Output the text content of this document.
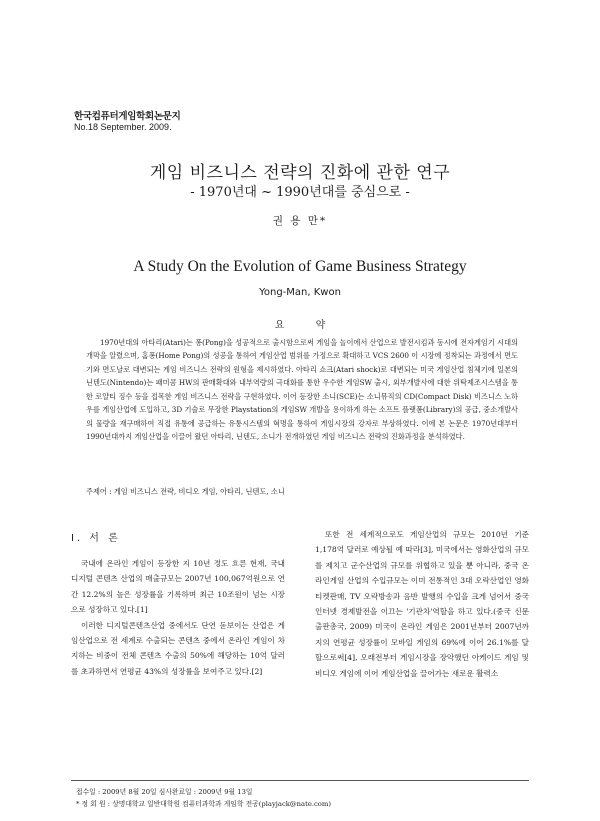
한국컴퓨터게임학회논문지
No.18 September. 2009.
게임 비즈니스 전략의 진화에 관한 연구
- 1970년대 ~ 1990년대를 중심으로 -
권 용 만*
A Study On the Evolution of Game Business Strategy
Yong-Man, Kwon
요 약

1970년대의 아타리(Atari)는 퐁(Pong)을 성공적으로 출시함으로써 게임을 놀이에서 산업으로 발전시킴과 동시에 전자게임기 시대의 개막을 알렸으며, 홈퐁(Home Pong)의 성공을 통하여 게임산업 범위를 가정으로 확대하고 VCS 2600 이 시장에 정착되는 과정에서 면도기와 면도날로 대변되는 게임 비즈니스 전략의 원형을 제시하였다. 아타리 쇼크(Atari shock)로 대변되는 미국 게임산업 침체기에 일본의 닌텐도(Nintendo)는 패미콤 HW의 판매확대와 내부역량의 극대화를 통한 우수한 게임SW 출시, 외부개발사에 대한 위탁제조시스템을 통한 로얄티 징수 등을 접목한 게임 비즈니스 전략을 구현하였다. 이어 등장한 소니(SCE)는 소니뮤직의 CD(Compact Disk) 비즈니스 노하우를 게임산업에 도입하고, 3D 기술로 무장한 Playstation의 게임SW 개발을 용이하게 하는 소프트 플랫폼(Library)의 공급, 중소개발사의 물량을 재구매하여 직접 유통에 공급하는 유통시스템의 혁명을 통하여 게임시장의 강자로 부상하였다. 이에 본 논문은 1970년대부터 1990년대까지 게임산업을 이끌어 왔던 아타리, 닌텐도, 소니가 전개하였던 게임 비즈니스 전략의 진화과정을 분석하였다.

주제어 : 게임 비즈니스 전략, 비디오 게임, 아타리, 닌텐도, 소니
Ⅰ. 서 론

국내에 온라인 게임이 등장한 지 10년 정도 흐른 현재, 국내 디지털 콘텐츠 산업의 매출규모는 2007년 100,067억원으로 연간 12.2%의 높은 성장률을 기록하며 최근 10조원이 넘는 시장으로 성장하고 있다.[1]

이러한 디지털콘텐츠산업 중에서도 단연 돋보이는 산업은 게임산업으로 전 세계로 수출되는 콘텐츠 중에서 온라인 게임이 차지하는 비중이 전체 콘텐츠 수출의 50%에 해당하는 10억 달러를 초과하면서 연평균 43%의 성장률을 보여주고 있다.[2]

또한 전 세계적으로도 게임산업의 규모는 2010년 기준 1,178억 달러로 예상될 예 따라[3], 미국에서는 영화산업의 규모를 제치고 군수산업의 규모를 위협하고 있을 뿐 아니라, 중국 온라인게임 산업의 수입규모는 이미 전통적인 3대 오락산업인 영화 티켓판매, TV 오락방송과 음반 발행의 수입을 크게 넘어서 중국 인터넷 경제발전을 이끄는 '기관차'역할을 하고 있다.(중국 신문출판총국, 2009) 미국이 온라인 게임은 2001년부터 2007년까지의 연평균 성장률이 모바일 게임의 69%에 이어 26.1%를 달할으로써[4], 오래전부터 게임시장을 장악했던 아케이드 게임 및 비디오 게임에 이어 게임산업을 끌어가는 새로운 활력소

접수일 : 2009년 8월 20일 심사완료일 : 2009년 9월 13일
* 정 회 원 : 상명대학교 일반대학원 컴퓨터과학과 게임학 전공(playjack@nate.com)
